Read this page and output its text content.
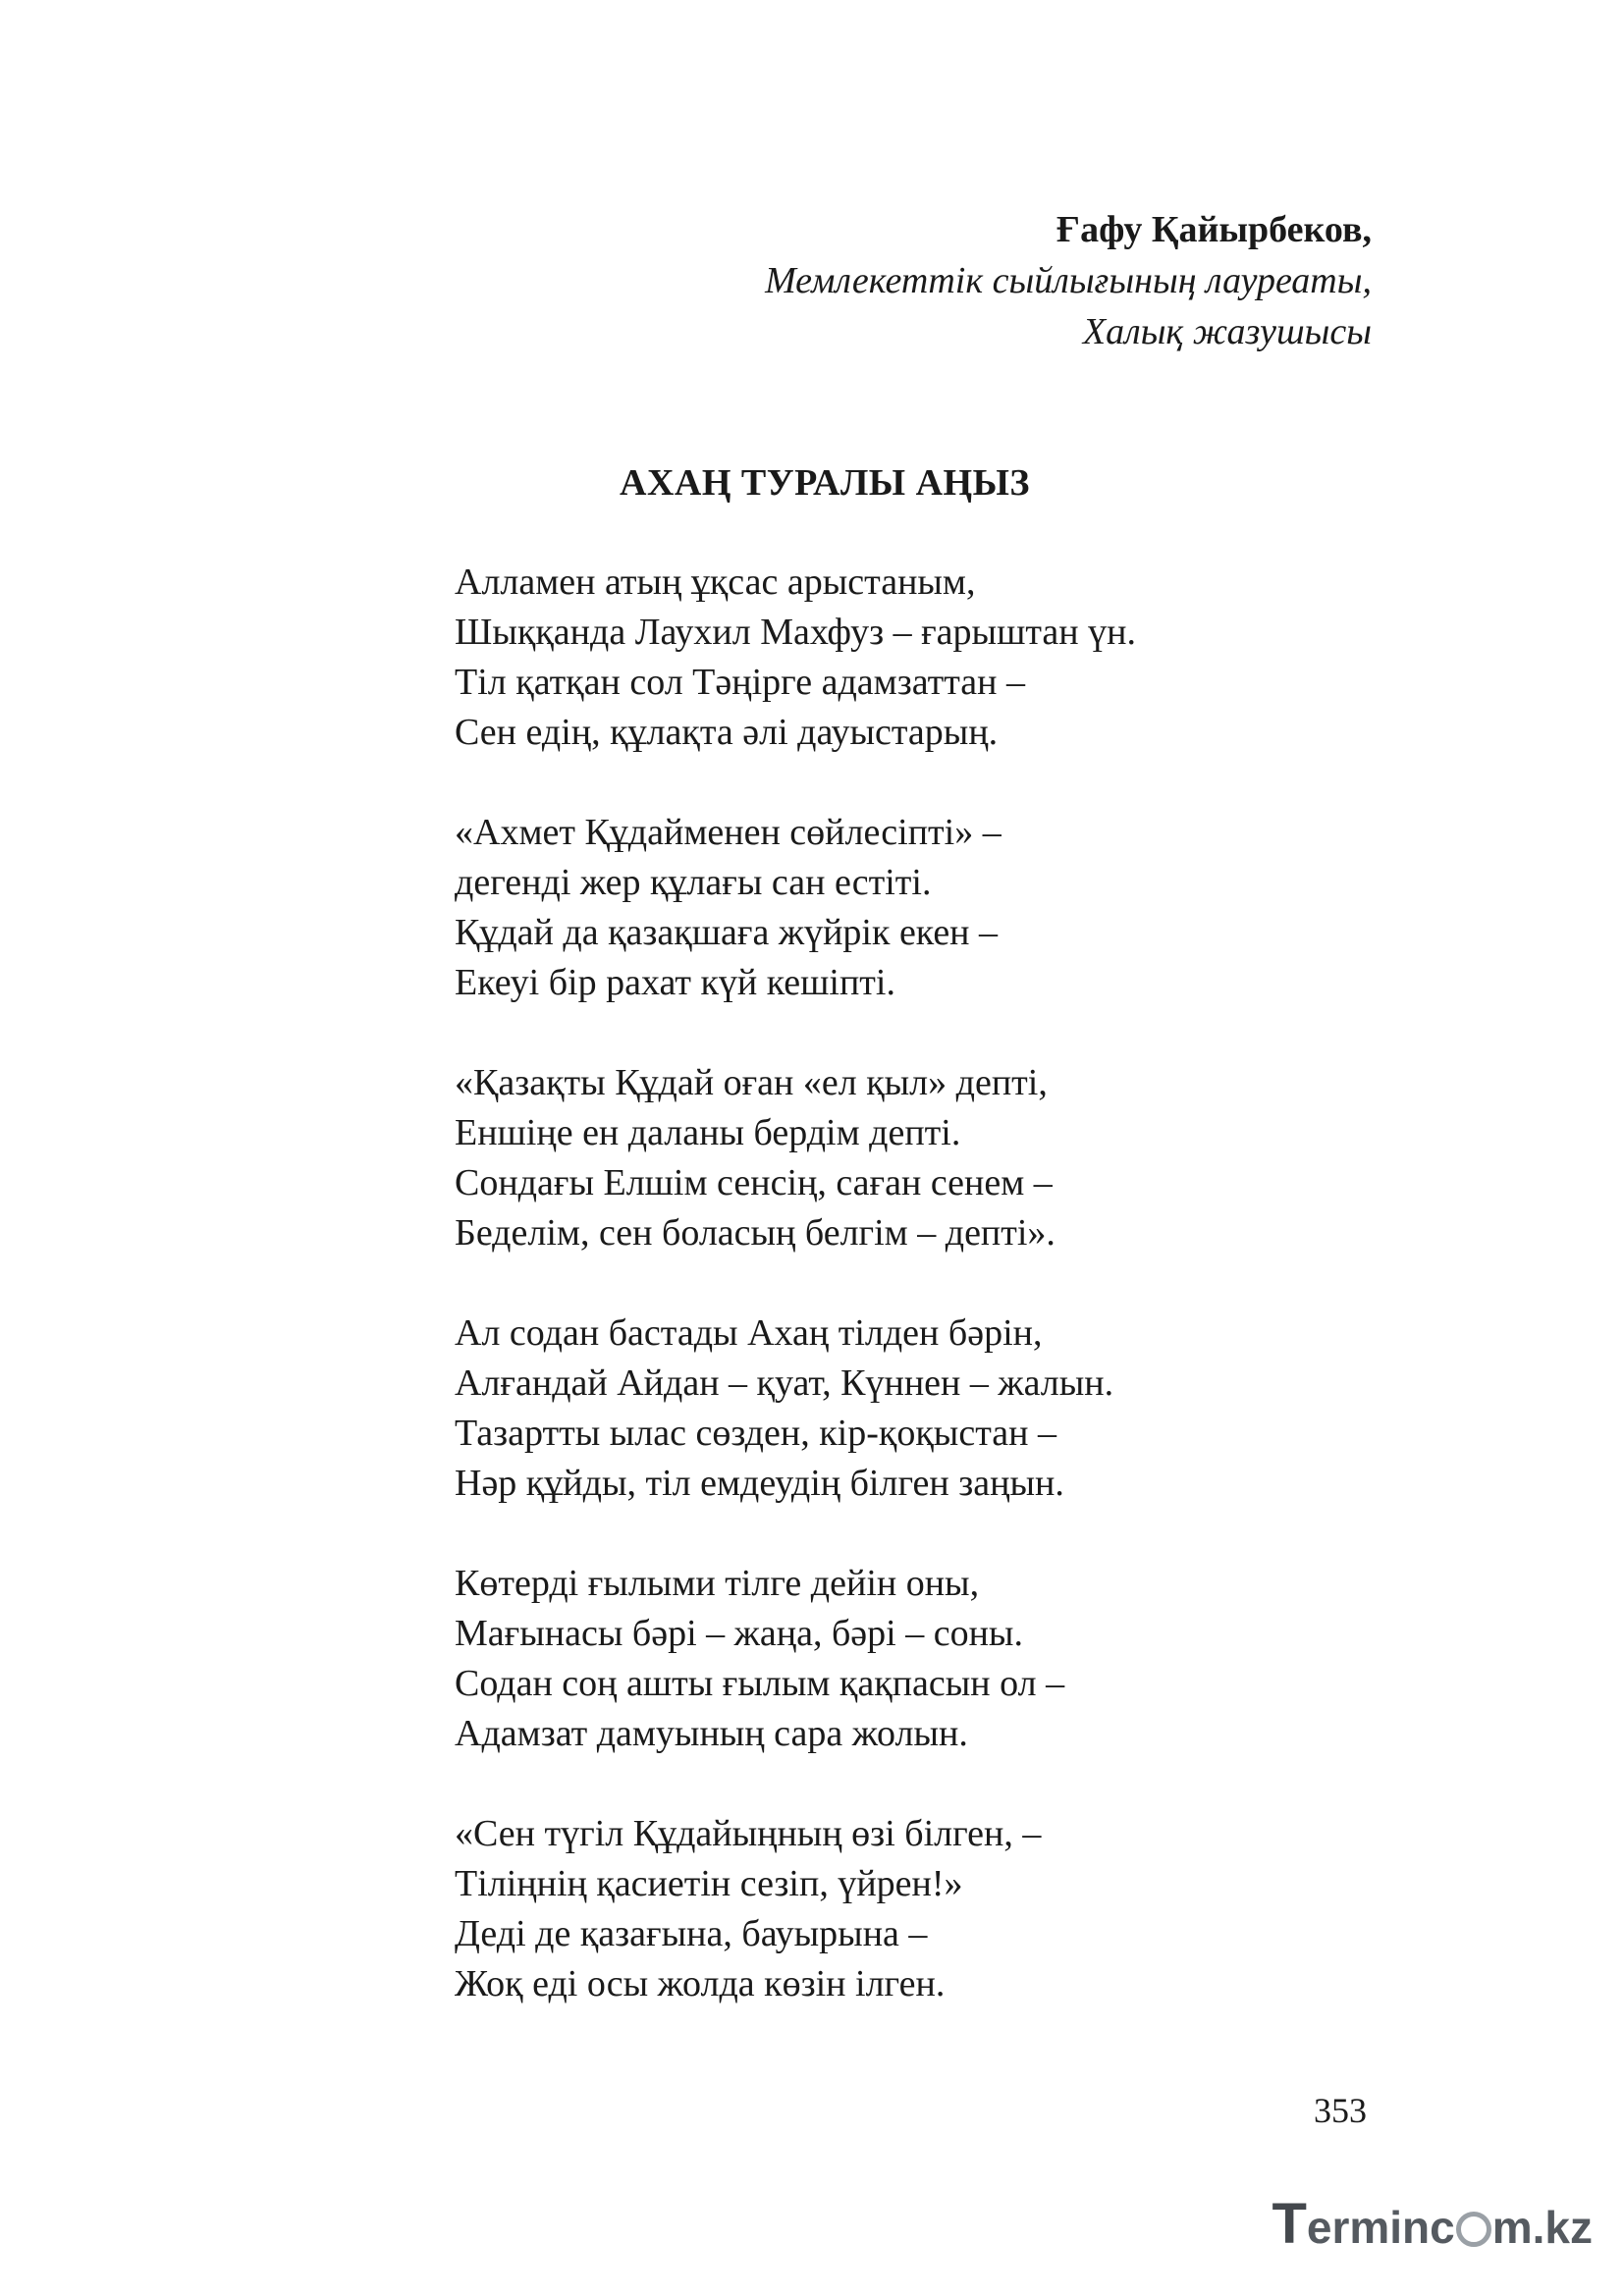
Ғафу Қайырбеков,
Мемлекеттік сыйлығының лауреаты,
Халық жазушысы
АХАҢ ТУРАЛЫ АҢЫЗ
Алламен атың ұқсас арыстаным,
Шыққанда Лаухил Махфуз – ғарыштан үн.
Тіл қатқан сол Тәңірге адамзаттан –
Сен едің, құлақта әлі дауыстарың.
«Ахмет Құдайменен сөйлесіпті» –
дегенді жер құлағы сан естіті.
Құдай да қазақшаға жүйрік екен –
Екеуі бір рахат күй кешіпті.
«Қазақты Құдай оған «ел қыл» депті,
Еншіңе ен даланы бердім депті.
Сондағы Елшім сенсің, саған сенем –
Беделім, сен боласың белгім – депті».
Ал содан бастады Ахаң тілден бәрін,
Алғандай Айдан – қуат, Күннен – жалын.
Тазартты ылас сөзден, кір-қоқыстан –
Нәр құйды, тіл емдеудің білген заңын.
Көтерді ғылыми тілге дейін оны,
Мағынасы бәрі – жаңа, бәрі – соны.
Содан соң ашты ғылым қақпасын ол –
Адамзат дамуының сара жолын.
«Сен түгіл Құдайыңның өзі білген, –
Тіліңнің қасиетін сезіп, үйрен!»
Деді де қазағына, бауырына –
Жоқ еді осы жолда көзін ілген.
353
Terminc m.kz
